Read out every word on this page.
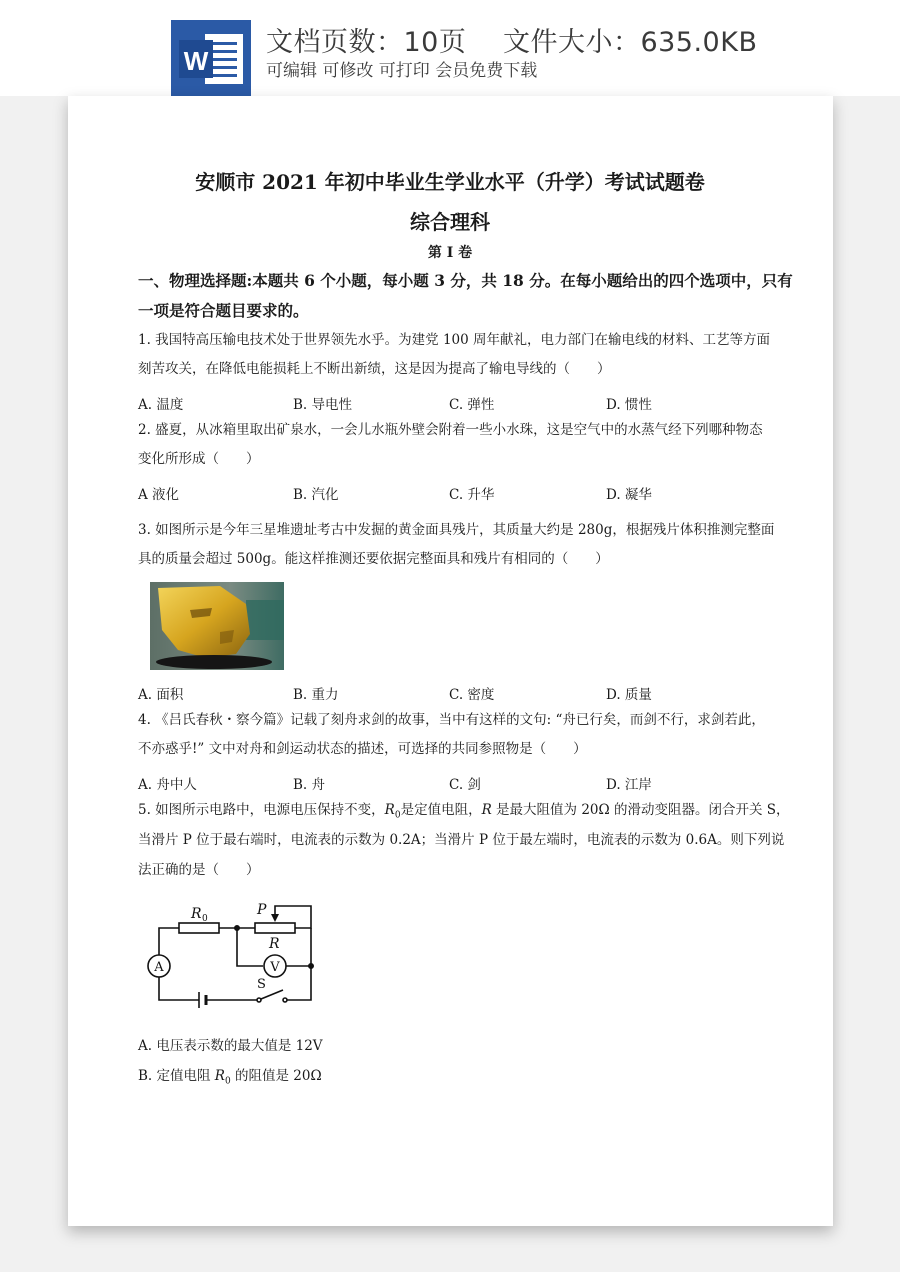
W
文档页数：10页　 文件大小：635.0KB
可编辑 可修改 可打印 会员免费下载
安顺市 2021 年初中毕业生学业水平（升学）考试试题卷
综合理科
第 I 卷
一、物理选择题:本题共 6 个小题，每小题 3 分，共 18 分。在每小题给出的四个选项中，只有
一项是符合题目要求的。
1. 我国特高压输电技术处于世界领先水乎。为建党 100 周年献礼，电力部门在输电线的材料、工艺等方面
刻苦攻关，在降低电能损耗上不断出新绩，这是因为提高了输电导线的（　　）
A. 温度	B. 导电性	C. 弹性	D. 惯性
2. 盛夏，从冰箱里取出矿泉水，一会儿水瓶外壁会附着一些小水珠，这是空气中的水蒸气经下列哪种物态
变化所形成（　　）
A 液化	B. 汽化	C. 升华	D. 凝华
3. 如图所示是今年三星堆遗址考古中发掘的黄金面具残片，其质量大约是 280g，根据残片体积推测完整面
具的质量会超过 500g。能这样推测还要依据完整面具和残片有相同的（　　）
A. 面积	B. 重力	C. 密度	D. 质量
4. 《吕氏春秋・察今篇》记载了刻舟求剑的故事，当中有这样的文句: “舟已行矣，而剑不行，求剑若此，
不亦惑乎!” 文中对舟和剑运动状态的描述，可选择的共同参照物是（　　）
A. 舟中人	B. 舟	C. 剑	D. 江岸
5. 如图所示电路中，电源电压保持不变，$R_0$是定值电阻，R 是最大阻值为 20Ω 的滑动变阻器。闭合开关 S，
当滑片 P 位于最右端时，电流表的示数为 0.2A；当滑片 P 位于最左端时，电流表的示数为 0.6A。则下列说
法正确的是（　　）
R 0
P
R
V
A
S
A. 电压表示数的最大值是 12V
B. 定值电阻 $R_0$ 的阻值是 20Ω
